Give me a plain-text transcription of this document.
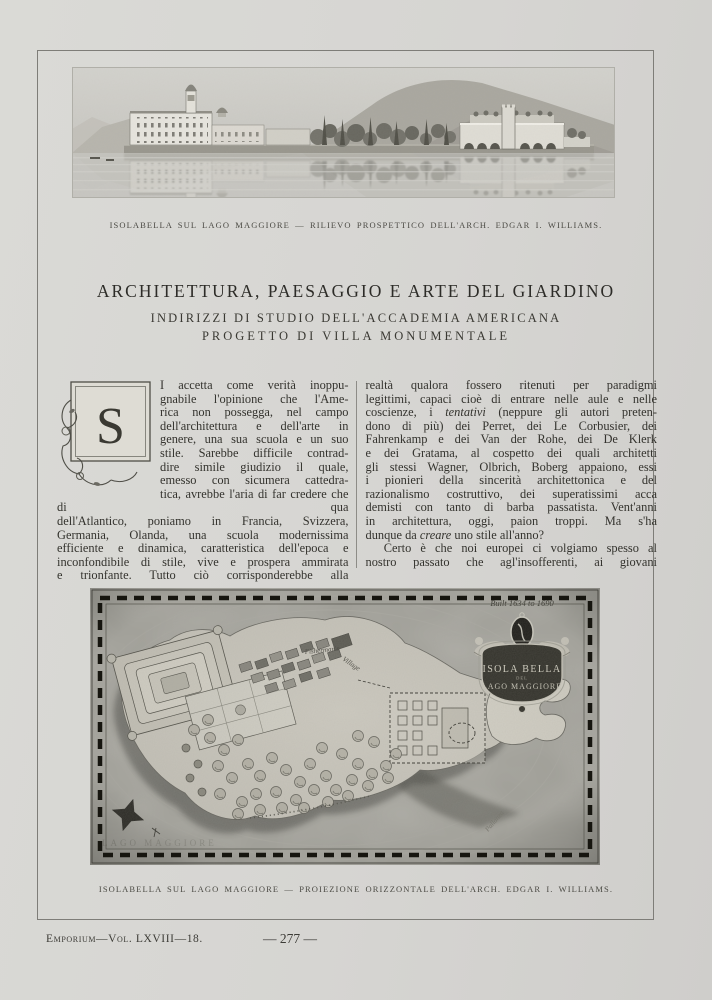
ISOLABELLA SUL LAGO MAGGIORE — RILIEVO PROSPETTICO DELL'ARCH. EDGAR I. WILLIAMS.
ARCHITETTURA, PAESAGGIO E ARTE DEL GIARDINO
INDIRIZZI DI STUDIO DELL'ACCADEMIA AMERICANA
PROGETTO DI VILLA MONUMENTALE
S
I accetta come verità inoppu-
gnabile l'opinione che l'Ame-
rica non possegga, nel campo
dell'architettura e dell'arte in
genere, una sua scuola e un suo
stile. Sarebbe difficile contrad-
dire simile giudizio il quale,
emesso con sicumera cattedra-
tica, avrebbe l'aria di far credere che di qua
dell'Atlantico, poniamo in Francia, Svizzera,
Germania, Olanda, una scuola modernissima
efficiente e dinamica, caratteristica dell'epoca e
inconfondibile di stile, vive e prospera ammirata
e trionfante. Tutto ciò corrisponderebbe alla
realtà qualora fossero ritenuti per paradigmi
legittimi, capaci cioè di entrare nelle aule e nelle
coscienze, i tentativi (neppure gli autori preten-
dono di più) dei Perret, dei Le Corbusier, dei
Fahrenkamp e dei Van der Rohe, dei De Klerk
e dei Gratama, al cospetto dei quali architetti
gli stessi Wagner, Olbrich, Boberg appaiono, essi
i pionieri della sincerità architettonica e del
razionalismo costruttivo, dei superatissimi acca
demisti con tanto di barba passatista. Vent'anni
in architettura, oggi, paion troppi. Ma s'ha
dunque da creare uno stile all'anno?
Certo è che noi europei ci volgiamo spesso al
nostro passato che agl'insofferenti, ai giovani
ISOLABELLA SUL LAGO MAGGIORE — PROIEZIONE ORIZZONTALE DELL'ARCH. EDGAR I. WILLIAMS.
Emporium—Vol. LXVIII—18.	— 277 —
